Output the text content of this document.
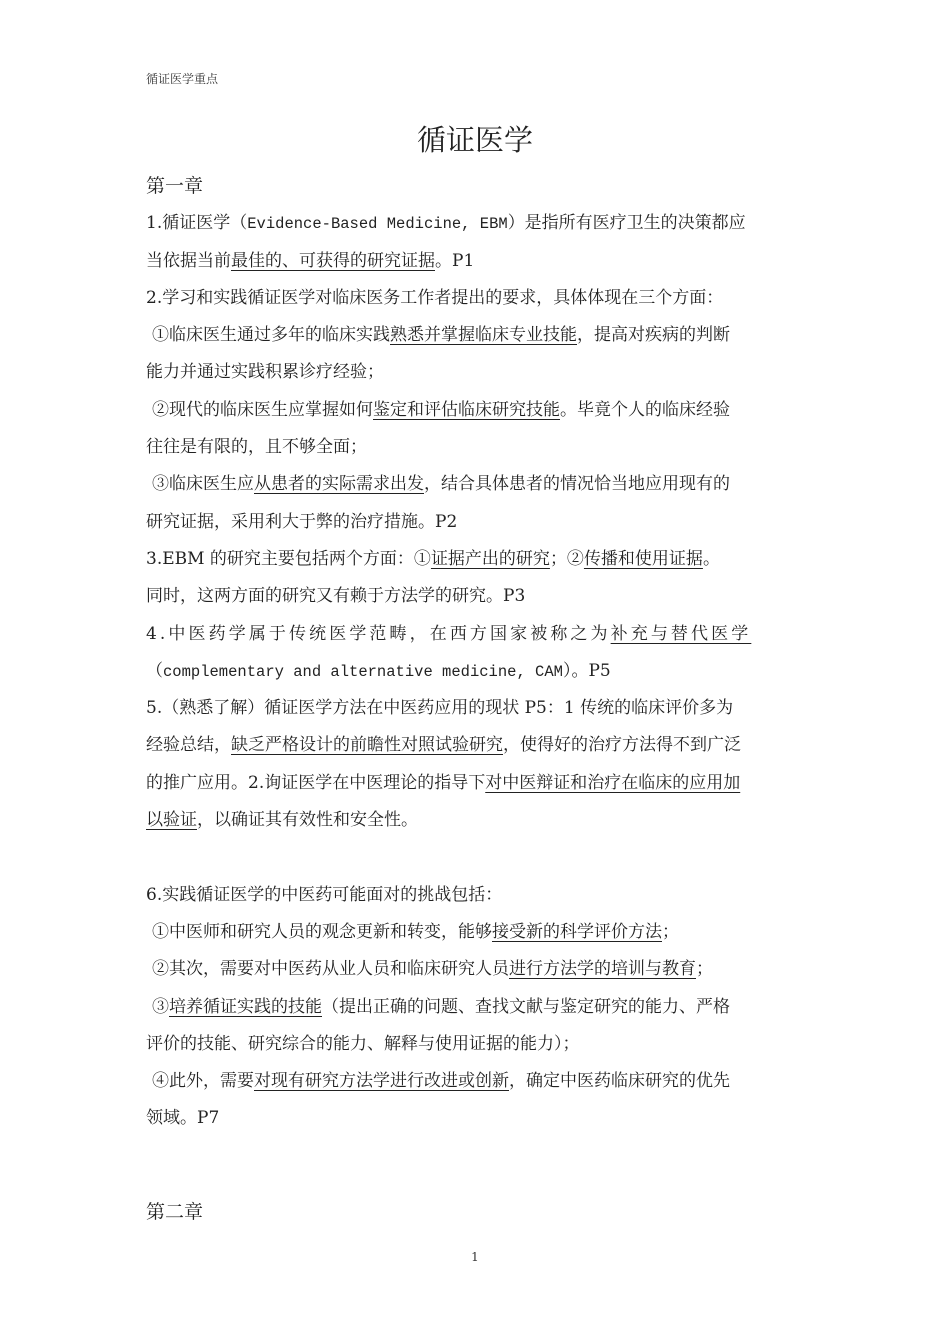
循证医学重点
循证医学
第一章
1.循证医学（Evidence-Based Medicine, EBM）是指所有医疗卫生的决策都应
当依据当前最佳的、可获得的研究证据。P1
2.学习和实践循证医学对临床医务工作者提出的要求，具体体现在三个方面：
①临床医生通过多年的临床实践熟悉并掌握临床专业技能，提高对疾病的判断
能力并通过实践积累诊疗经验；
②现代的临床医生应掌握如何鉴定和评估临床研究技能。毕竟个人的临床经验
往往是有限的，且不够全面；
③临床医生应从患者的实际需求出发，结合具体患者的情况恰当地应用现有的
研究证据，采用利大于弊的治疗措施。P2
3.EBM 的研究主要包括两个方面：①证据产出的研究；②传播和使用证据。
同时，这两方面的研究又有赖于方法学的研究。P3
4.中医药学属于传统医学范畴，在西方国家被称之为补充与替代医学
（complementary and alternative medicine, CAM）。P5
5.（熟悉了解）循证医学方法在中医药应用的现状 P5：1 传统的临床评价多为
经验总结，缺乏严格设计的前瞻性对照试验研究，使得好的治疗方法得不到广泛
的推广应用。2.询证医学在中医理论的指导下对中医辩证和治疗在临床的应用加
以验证，以确证其有效性和安全性。
6.实践循证医学的中医药可能面对的挑战包括：
①中医师和研究人员的观念更新和转变，能够接受新的科学评价方法；
②其次，需要对中医药从业人员和临床研究人员进行方法学的培训与教育；
③培养循证实践的技能（提出正确的问题、查找文献与鉴定研究的能力、严格
评价的技能、研究综合的能力、解释与使用证据的能力）；
④此外，需要对现有研究方法学进行改进或创新，确定中医药临床研究的优先
领域。P7
第二章
1
